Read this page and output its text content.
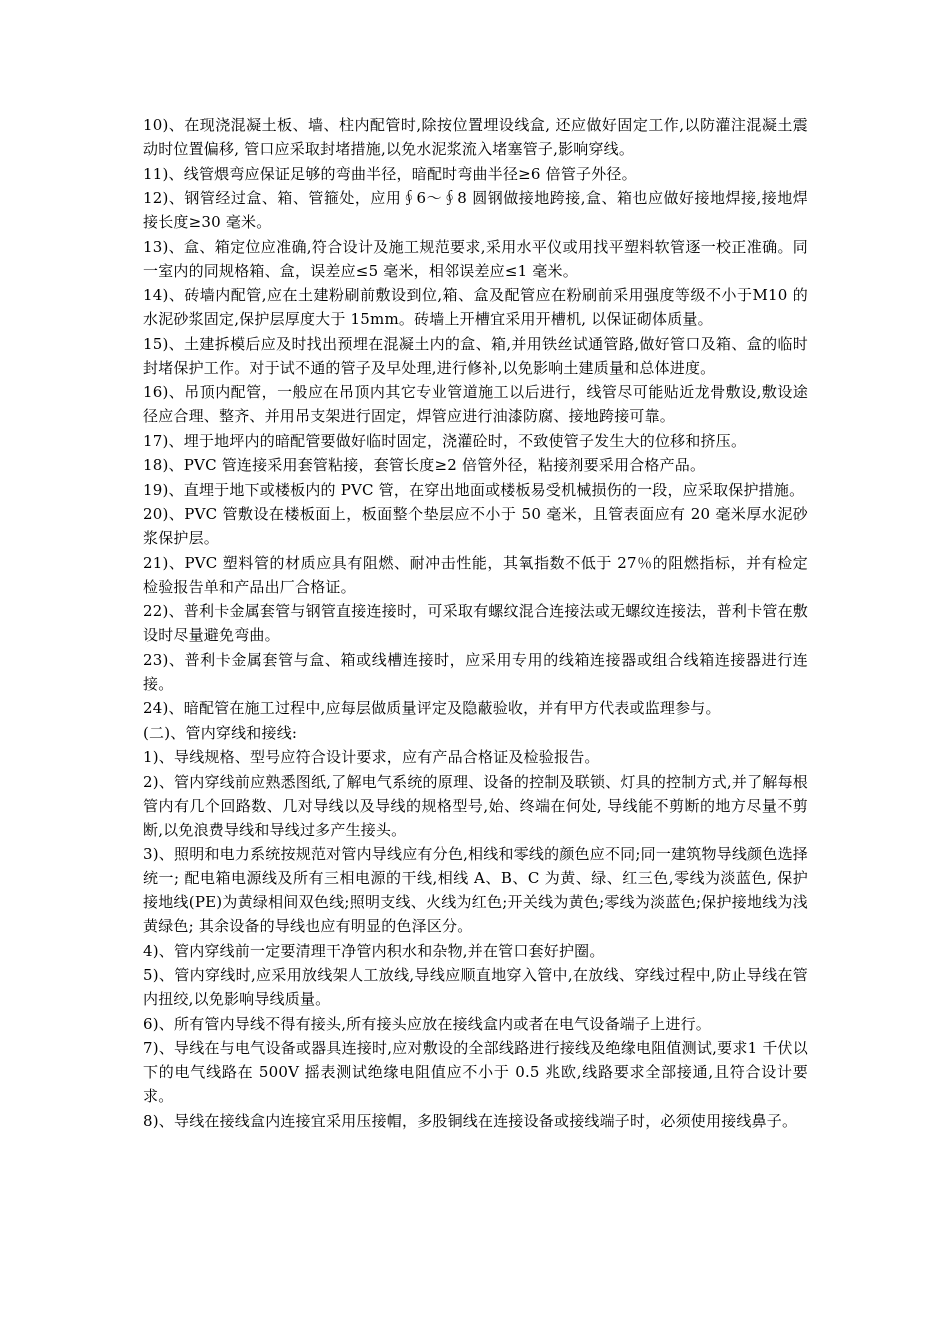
10)、在现浇混凝土板、墙、柱内配管时,除按位置埋设线盒, 还应做好固定工作,以防灌注混凝土震动时位置偏移, 管口应采取封堵措施,以免水泥浆流入堵塞管子,影响穿线。

11)、线管煨弯应保证足够的弯曲半径，暗配时弯曲半径≥6 倍管子外径。

12)、钢管经过盒、箱、管箍处，应用∮6～∮8 圆钢做接地跨接,盒、箱也应做好接地焊接,接地焊接长度≥30 毫米。

13)、盒、箱定位应准确,符合设计及施工规范要求,采用水平仪或用找平塑料软管逐一校正准确。同一室内的同规格箱、盒，误差应≤5 毫米，相邻误差应≤1 毫米。

14)、砖墙内配管,应在土建粉刷前敷设到位,箱、盒及配管应在粉刷前采用强度等级不小于M10 的水泥砂浆固定,保护层厚度大于 15mm。砖墙上开槽宜采用开槽机, 以保证砌体质量。

15)、土建拆模后应及时找出预埋在混凝土内的盒、箱,并用铁丝试通管路,做好管口及箱、盒的临时封堵保护工作。对于试不通的管子及早处理,进行修补,以免影响土建质量和总体进度。

16)、吊顶内配管，一般应在吊顶内其它专业管道施工以后进行，线管尽可能贴近龙骨敷设,敷设途径应合理、整齐、并用吊支架进行固定，焊管应进行油漆防腐、接地跨接可靠。

17)、埋于地坪内的暗配管要做好临时固定，浇灌砼时，不致使管子发生大的位移和挤压。

18)、PVC 管连接采用套管粘接，套管长度≥2 倍管外径，粘接剂要采用合格产品。

19)、直埋于地下或楼板内的 PVC 管，在穿出地面或楼板易受机械损伤的一段，应采取保护措施。

20)、PVC 管敷设在楼板面上，板面整个垫层应不小于 50 毫米，且管表面应有 20 毫米厚水泥砂浆保护层。

21)、PVC 塑料管的材质应具有阻燃、耐冲击性能，其氧指数不低于 27％的阻燃指标，并有检定检验报告单和产品出厂合格证。

22)、普利卡金属套管与钢管直接连接时，可采取有螺纹混合连接法或无螺纹连接法，普利卡管在敷设时尽量避免弯曲。

23)、普利卡金属套管与盒、箱或线槽连接时，应采用专用的线箱连接器或组合线箱连接器进行连接。

24)、暗配管在施工过程中,应每层做质量评定及隐蔽验收，并有甲方代表或监理参与。

(二)、管内穿线和接线:

1)、导线规格、型号应符合设计要求，应有产品合格证及检验报告。

2)、管内穿线前应熟悉图纸,了解电气系统的原理、设备的控制及联锁、灯具的控制方式,并了解每根管内有几个回路数、几对导线以及导线的规格型号,始、终端在何处, 导线能不剪断的地方尽量不剪断,以免浪费导线和导线过多产生接头。

3)、照明和电力系统按规范对管内导线应有分色,相线和零线的颜色应不同;同一建筑物导线颜色选择统一; 配电箱电源线及所有三相电源的干线,相线 A、B、C 为黄、绿、红三色,零线为淡蓝色, 保护接地线(PE)为黄绿相间双色线;照明支线、火线为红色;开关线为黄色;零线为淡蓝色;保护接地线为浅黄绿色; 其余设备的导线也应有明显的色泽区分。

4)、管内穿线前一定要清理干净管内积水和杂物,并在管口套好护圈。

5)、管内穿线时,应采用放线架人工放线,导线应顺直地穿入管中,在放线、穿线过程中,防止导线在管内扭绞,以免影响导线质量。

6)、所有管内导线不得有接头,所有接头应放在接线盒内或者在电气设备端子上进行。

7)、导线在与电气设备或器具连接时,应对敷设的全部线路进行接线及绝缘电阻值测试,要求1 千伏以下的电气线路在 500V 摇表测试绝缘电阻值应不小于 0.5 兆欧,线路要求全部接通,且符合设计要求。

8)、导线在接线盒内连接宜采用压接帽，多股铜线在连接设备或接线端子时，必须使用接线鼻子。
